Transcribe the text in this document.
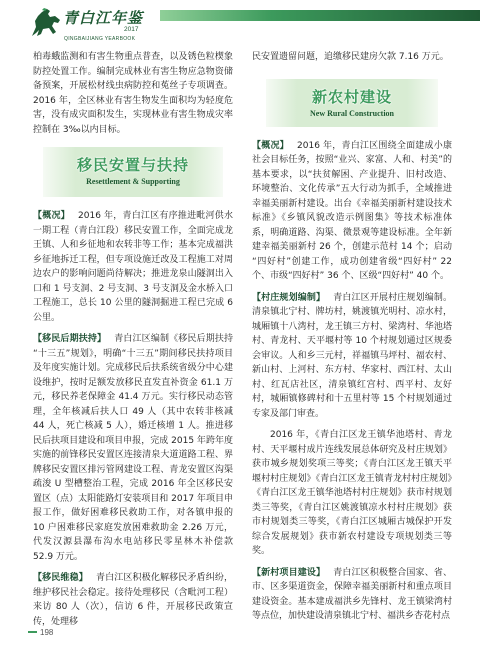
青白江年鉴
2017
QINGBAIJIANG YEARBOOK

柏毒蛾监测和有害生物重点普查，以及锈色粒楔象防控处置工作。编制完成林业有害生物应急物资储备预案，开展松材线虫病防控和菟丝子专项调查。2016 年，全区林业有害生物发生面积均为轻度危害，没有成灾面积发生，实现林业有害生物成灾率控制在 3‰以内目标。

移民安置与扶持
Resettlement & Supporting

【概况】 2016 年，青白江区有序推进毗河供水一期工程（青白江段）移民安置工作，全面完成龙王镇、人和乡征地和农转非等工作；基本完成福洪乡征地拆迁工程，但专项设施迁改及工程施工对周边农户的影响问题尚待解决；推进龙泉山隧洞出入口和 1 号支洞、2 号支洞、3 号支洞及金水桥入口工程施工，总长 10 公里的隧洞掘进工程已完成 6 公里。

【移民后期扶持】 青白江区编制《移民后期扶持“十三五”规划》，明确“十三五”期间移民扶持项目及年度实施计划。完成移民后扶系统省级分中心建设维护，按时足额发放移民直发直补资金 61.1 万元，移民养老保障金 41.4 万元。实行移民动态管理，全年核减后扶人口 49 人（其中农转非核减 44 人，死亡核减 5 人），婚迁核增 1 人。推进移民后扶项目建设和项目申报，完成 2015 年跨年度实施的前锋移民安置区连接清泉大道道路工程、界牌移民安置区排污管网建设工程、青龙安置区沟渠疏浚 U 型槽整治工程，完成 2016 年全区移民安置区（点）太阳能路灯安装项目和 2017 年项目申报工作，做好困难移民救助工作，对各镇申报的 10 户困难移民家庭发放困难救助金 2.26 万元，代发汉源县瀑布沟水电站移民零星林木补偿款 52.9 万元。

【移民维稳】 青白江区积极化解移民矛盾纠纷，维护移民社会稳定。接待处理移民（含毗河工程）来访 80 人（次），信访 6 件，开展移民政策宣传，处理移

民安置遗留问题，追缴移民建房欠款 7.16 万元。

新农村建设
New Rural Construction

【概况】 2016 年，青白江区围绕全面建成小康社会目标任务，按照“业兴、家富、人和、村美”的基本要求，以“扶贫解困、产业提升、旧村改造、环境整治、文化传承”五大行动为抓手，全域推进幸福美丽新村建设。出台《幸福美丽新村建设技术标准》《乡镇风貌改造示例图集》等技术标准体系，明确道路、沟渠、微景观等建设标准。全年新建幸福美丽新村 26 个，创建示范村 14 个；启动“四好村”创建工作，成功创建省级“四好村” 22 个、市级“四好村” 36 个、区级“四好村” 40 个。

【村庄规划编制】 青白江区开展村庄规划编制。清泉镇北宁村、牌坊村，姚渡镇光明村、凉水村，城厢镇十八湾村，龙王镇三方村、梁湾村、华池塔村、青龙村、天平堰村等 10 个村规划通过区规委会审议。人和乡三元村，祥福镇马坪村、福农村、新山村、上河村、东方村、华家村、西江村、太山村、红瓦店社区，清泉镇红宫村、西平村、友好村，城厢镇修碑村和十五里村等 15 个村规划通过专家及部门审查。

2016 年，《青白江区龙王镇华池塔村、青龙村、天平堰村成片连线发展总体研究及村庄规划》获市城乡规划奖项三等奖；《青白江区龙王镇天平堰村村庄规划》《青白江区龙王镇青龙村村庄规划》《青白江区龙王镇华池塔村村庄规划》获市村规划类三等奖，《青白江区姚渡镇凉水村村庄规划》获市村规划类三等奖，《青白江区城厢古城保护开发综合发展规划》获市新农村建设专项规划类三等奖。

【新村项目建设】 青白江区积极整合国家、省、市、区多渠道资金，保障幸福美丽新村和重点项目建设资金。基本建成福洪乡先锋村、龙王镇梁湾村等点位，加快建设清泉镇北宁村、福洪乡杏花村点

198
